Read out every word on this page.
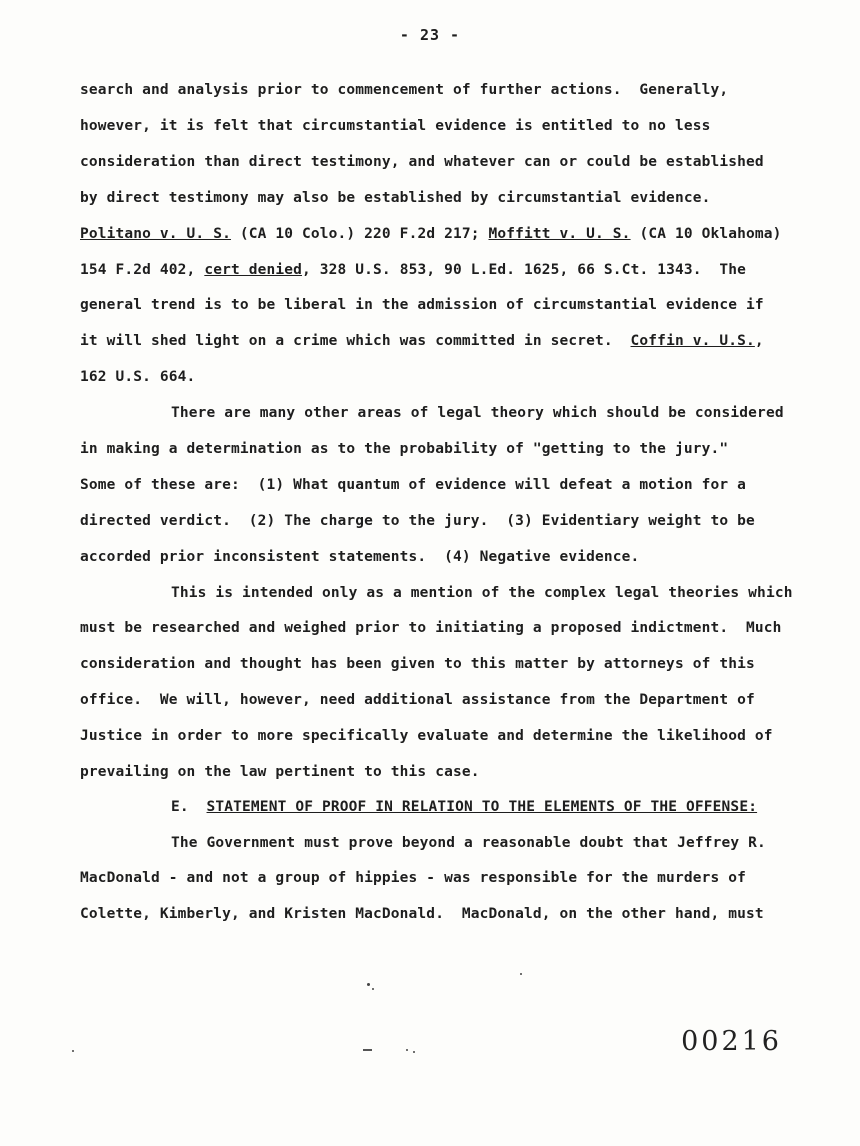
- 23 -
search and analysis prior to commencement of further actions.  Generally,
however, it is felt that circumstantial evidence is entitled to no less
consideration than direct testimony, and whatever can or could be established
by direct testimony may also be established by circumstantial evidence.
Politano v. U. S. (CA 10 Colo.) 220 F.2d 217; Moffitt v. U. S. (CA 10 Oklahoma)
154 F.2d 402, cert denied, 328 U.S. 853, 90 L.Ed. 1625, 66 S.Ct. 1343.  The
general trend is to be liberal in the admission of circumstantial evidence if
it will shed light on a crime which was committed in secret.  Coffin v. U.S.,
162 U.S. 664.
There are many other areas of legal theory which should be considered
in making a determination as to the probability of "getting to the jury."
Some of these are:  (1) What quantum of evidence will defeat a motion for a
directed verdict.  (2) The charge to the jury.  (3) Evidentiary weight to be
accorded prior inconsistent statements.  (4) Negative evidence.
This is intended only as a mention of the complex legal theories which
must be researched and weighed prior to initiating a proposed indictment.  Much
consideration and thought has been given to this matter by attorneys of this
office.  We will, however, need additional assistance from the Department of
Justice in order to more specifically evaluate and determine the likelihood of
prevailing on the law pertinent to this case.
E.  STATEMENT OF PROOF IN RELATION TO THE ELEMENTS OF THE OFFENSE:
The Government must prove beyond a reasonable doubt that Jeffrey R.
MacDonald - and not a group of hippies - was responsible for the murders of
Colette, Kimberly, and Kristen MacDonald.  MacDonald, on the other hand, must
00216
